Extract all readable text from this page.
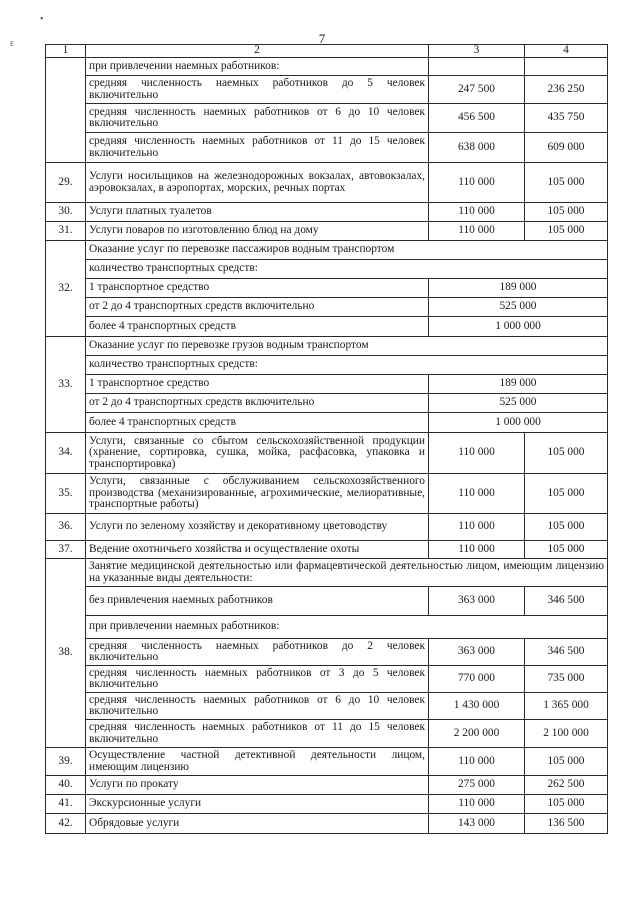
7
•
ε
1	2	3	4
	при привлечении наемных работников:		
	средняя численность наемных работников до 5 человек включительно	247 500	236 250
	средняя численность наемных работников от 6 до 10 человек включительно	456 500	435 750
	средняя численность наемных работников от 11 до 15 человек включительно	638 000	609 000
29.	Услуги носильщиков на железнодорожных вокзалах, автовокзалах, аэровокзалах, в аэропортах, морских, речных портах	110 000	105 000
30.	Услуги платных туалетов	110 000	105 000
31.	Услуги поваров по изготовлению блюд на дому	110 000	105 000
32.	Оказание услуг по перевозке пассажиров водным транспортом		
	количество транспортных средств:		
	1 транспортное средство	189 000	
	от 2 до 4 транспортных средств включительно	525 000	
	более 4 транспортных средств	1 000 000	
33.	Оказание услуг по перевозке грузов водным транспортом		
	количество транспортных средств:		
	1 транспортное средство	189 000	
	от 2 до 4 транспортных средств включительно	525 000	
	более 4 транспортных средств	1 000 000	
34.	Услуги, связанные со сбытом сельскохозяйственной продукции (хранение, сортировка, сушка, мойка, расфасовка, упаковка и транспортировка)	110 000	105 000
35.	Услуги, связанные с обслуживанием сельскохозяйственного производства (механизированные, агрохимические, мелиоративные, транспортные работы)	110 000	105 000
36.	Услуги по зеленому хозяйству и декоративному цветоводству	110 000	105 000
37.	Ведение охотничьего хозяйства и осуществление охоты	110 000	105 000
38.	Занятие медицинской деятельностью или фармацевтической деятельностью лицом, имеющим лицензию на указанные виды деятельности:		
	без привлечения наемных работников	363 000	346 500
	при привлечении наемных работников:		
	средняя численность наемных работников до 2 человек включительно	363 000	346 500
	средняя численность наемных работников от 3 до 5 человек включительно	770 000	735 000
	средняя численность наемных работников от 6 до 10 человек включительно	1 430 000	1 365 000
	средняя численность наемных работников от 11 до 15 человек включительно	2 200 000	2 100 000
39.	Осуществление частной детективной деятельности лицом, имеющим лицензию	110 000	105 000
40.	Услуги по прокату	275 000	262 500
41.	Экскурсионные услуги	110 000	105 000
42.	Обрядовые услуги	143 000	136 500
